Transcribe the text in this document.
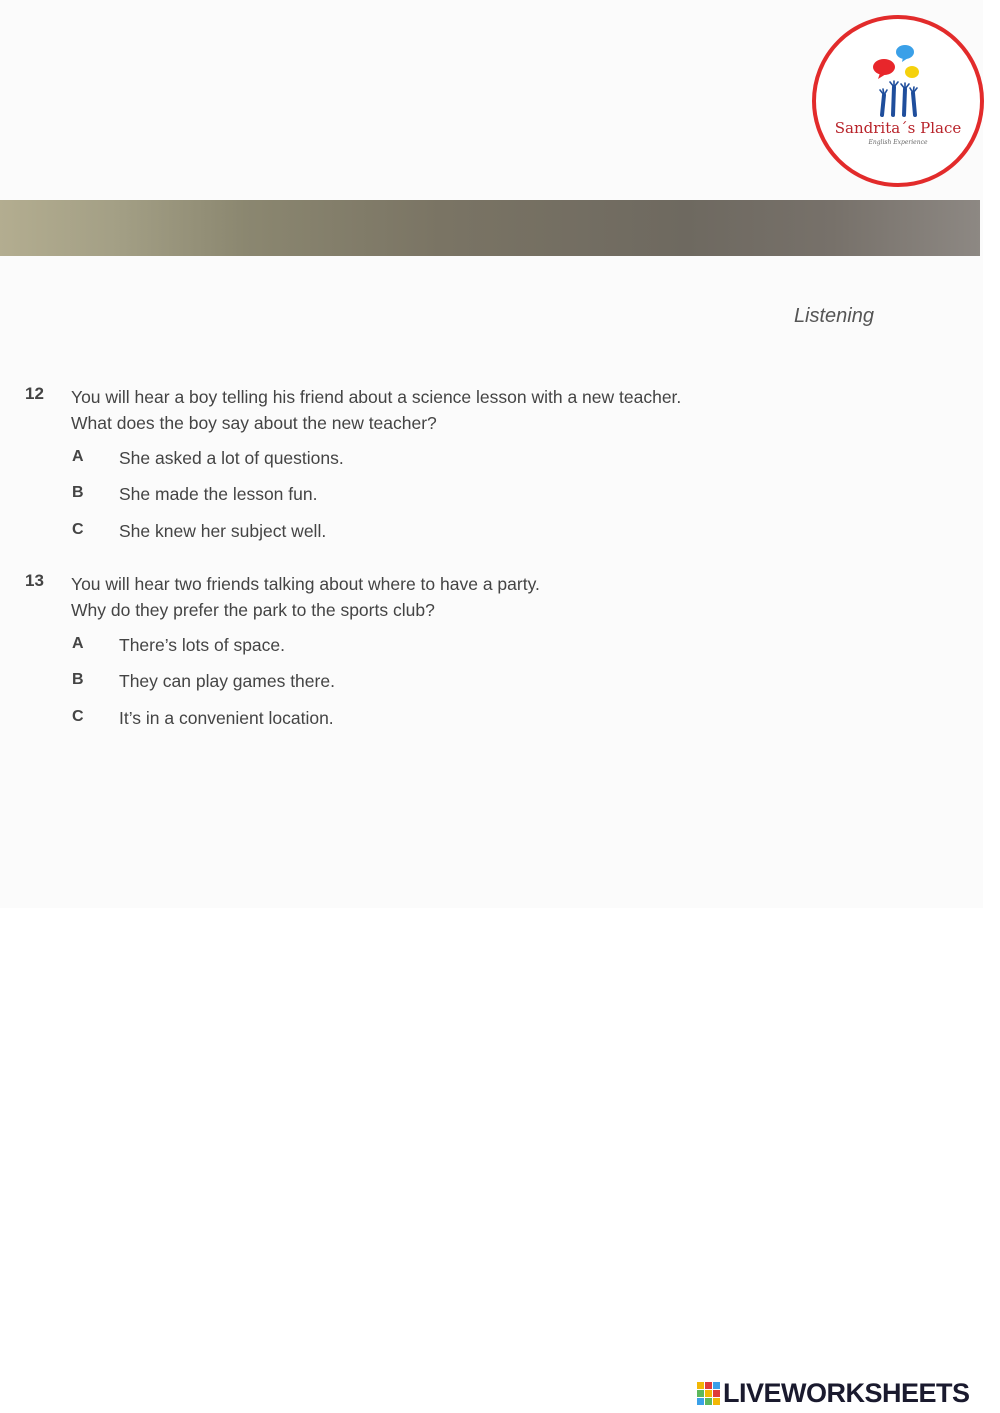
Sandrita´s Place
English Experience
Listening
12 You will hear a boy telling his friend about a science lesson with a new teacher.
What does the boy say about the new teacher?
A She asked a lot of questions.
B She made the lesson fun.
C She knew her subject well.
13 You will hear two friends talking about where to have a party.
Why do they prefer the park to the sports club?
A There’s lots of space.
B They can play games there.
C It’s in a convenient location.
LIVEWORKSHEETS
